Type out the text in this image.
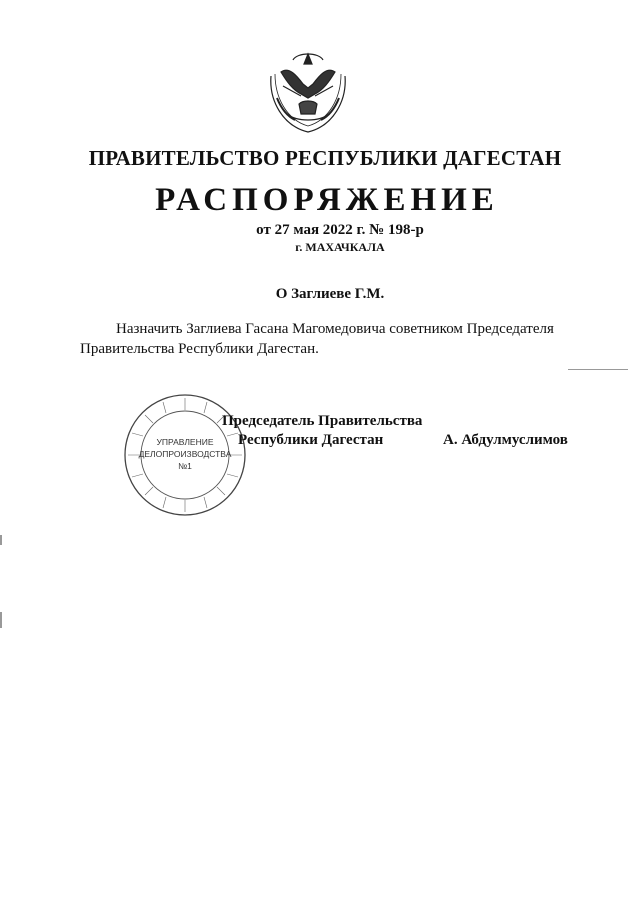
ПРАВИТЕЛЬСТВО РЕСПУБЛИКИ ДАГЕСТАН
РАСПОРЯЖЕНИЕ
от 27 мая 2022 г. № 198-р
г. МАХАЧКАЛА
О Заглиеве Г.М.
Назначить Заглиева Гасана Магомедовича советником Председателя
Правительства Республики Дагестан.
УПРАВЛЕНИЕ
ДЕЛОПРОИЗВОДСТВА
№1
Председатель Правительства
Республики Дагестан	А. Абдулмуслимов
